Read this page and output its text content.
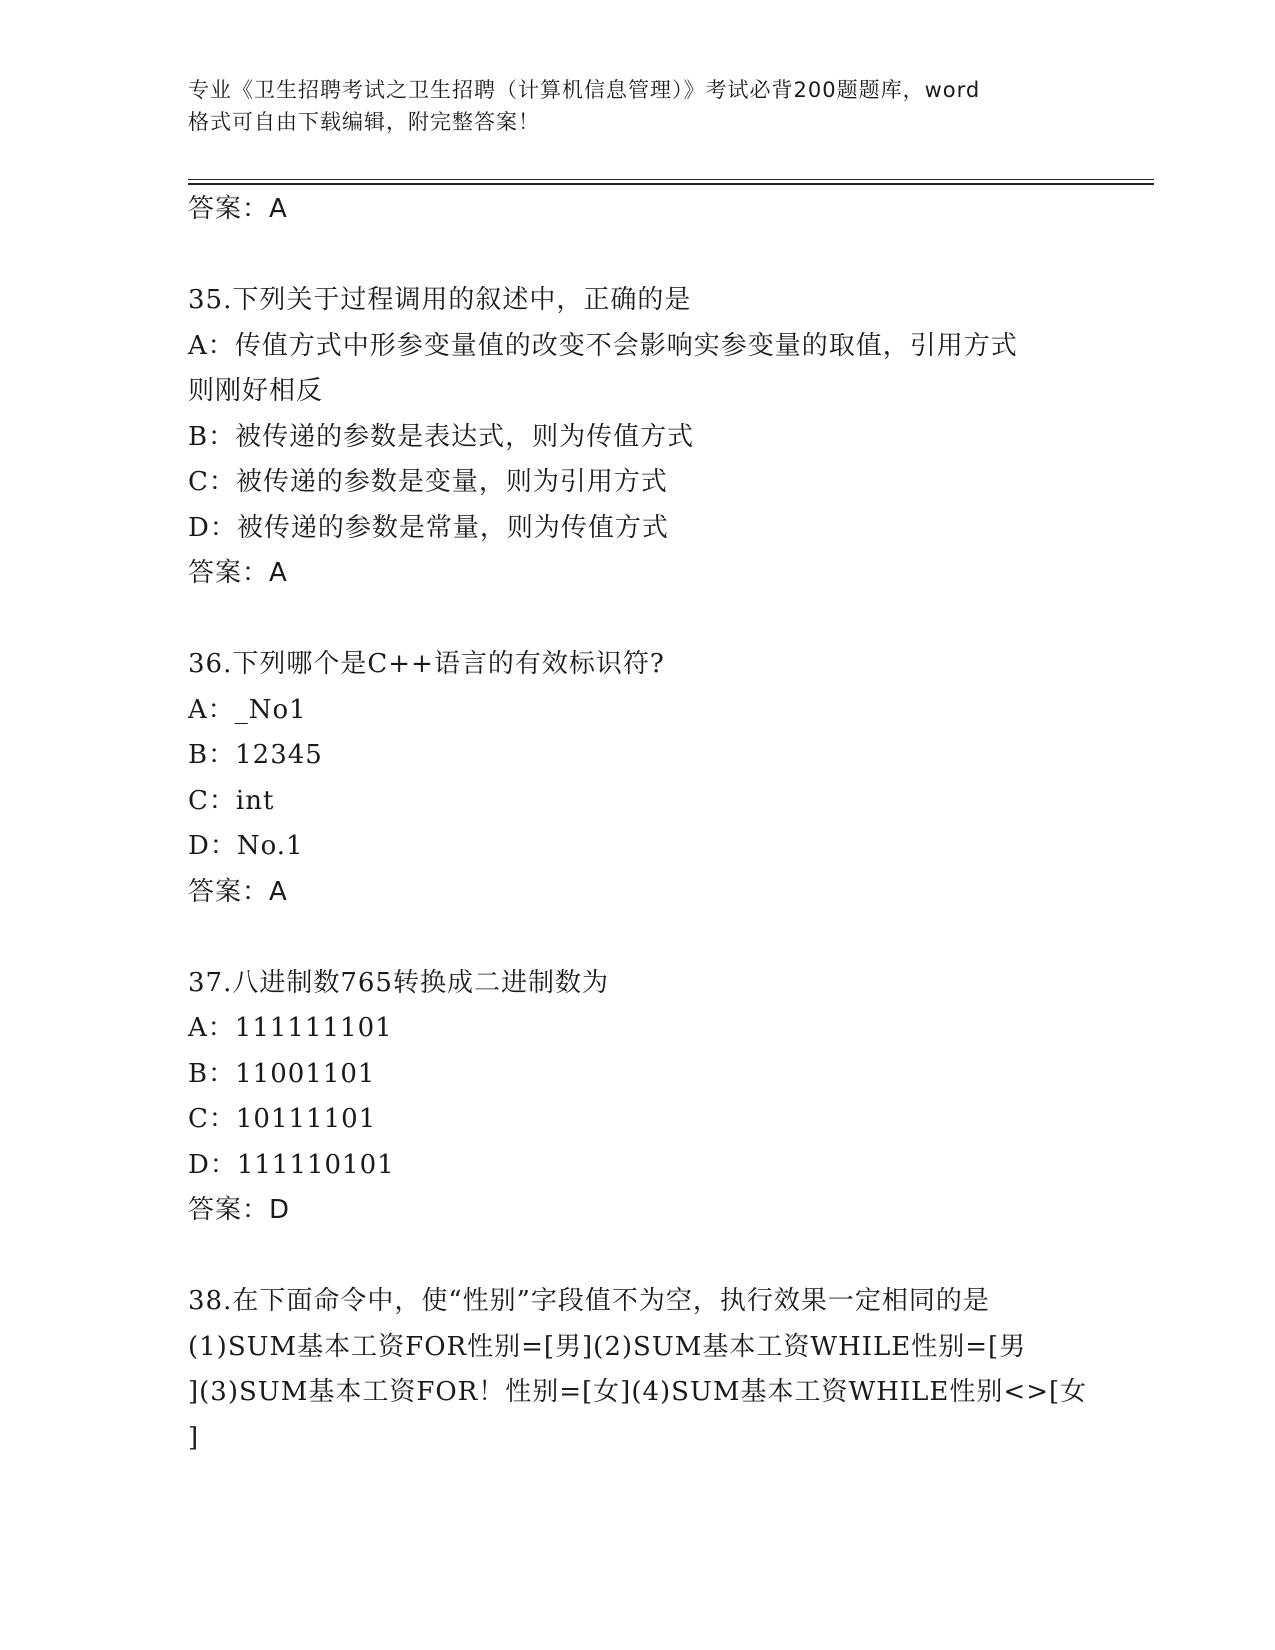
专业《卫生招聘考试之卫生招聘（计算机信息管理）》考试必背200题题库，word
格式可自由下载编辑，附完整答案！
答案：A
35.下列关于过程调用的叙述中，正确的是
A：传值方式中形参变量值的改变不会影响实参变量的取值，引用方式
则刚好相反
B：被传递的参数是表达式，则为传值方式
C：被传递的参数是变量，则为引用方式
D：被传递的参数是常量，则为传值方式
答案：A
36.下列哪个是C++语言的有效标识符?
A：_No1
B：12345
C：int
D：No.1
答案：A
37.八进制数765转换成二进制数为
A：111111101
B：11001101
C：10111101
D：111110101
答案：D
38.在下面命令中，使“性别”字段值不为空，执行效果一定相同的是
(1)SUM基本工资FOR性别=[男](2)SUM基本工资WHILE性别=[男
](3)SUM基本工资FOR！性别=[女](4)SUM基本工资WHILE性别<>[女
]
